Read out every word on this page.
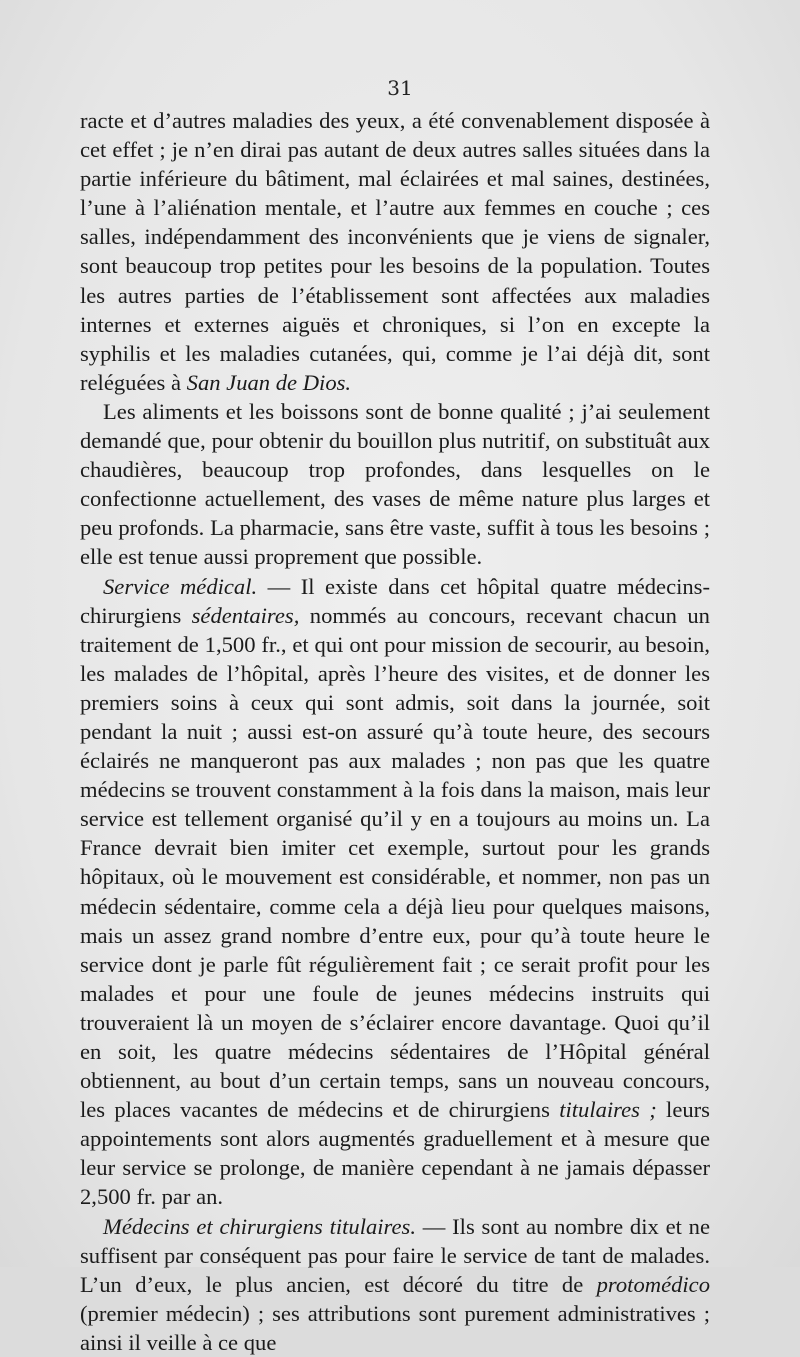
31

racte et d’autres maladies des yeux, a été convenablement disposée à cet effet ; je n’en dirai pas autant de deux autres salles situées dans la partie inférieure du bâtiment, mal éclairées et mal saines, destinées, l’une à l’aliénation mentale, et l’autre aux femmes en couche ; ces salles, indépendamment des inconvénients que je viens de signaler, sont beaucoup trop petites pour les besoins de la population. Toutes les autres parties de l’établissement sont affectées aux maladies internes et externes aiguës et chroniques, si l’on en excepte la syphilis et les maladies cutanées, qui, comme je l’ai déjà dit, sont reléguées à San Juan de Dios.

Les aliments et les boissons sont de bonne qualité ; j’ai seulement demandé que, pour obtenir du bouillon plus nutritif, on substituât aux chaudières, beaucoup trop profondes, dans lesquelles on le confectionne actuellement, des vases de même nature plus larges et peu profonds. La pharmacie, sans être vaste, suffit à tous les besoins ; elle est tenue aussi proprement que possible.

Service médical. — Il existe dans cet hôpital quatre médecins-chirurgiens sédentaires, nommés au concours, recevant chacun un traitement de 1,500 fr., et qui ont pour mission de secourir, au besoin, les malades de l’hôpital, après l’heure des visites, et de donner les premiers soins à ceux qui sont admis, soit dans la journée, soit pendant la nuit ; aussi est-on assuré qu’à toute heure, des secours éclairés ne manqueront pas aux malades ; non pas que les quatre médecins se trouvent constamment à la fois dans la maison, mais leur service est tellement organisé qu’il y en a toujours au moins un. La France devrait bien imiter cet exemple, surtout pour les grands hôpitaux, où le mouvement est considérable, et nommer, non pas un médecin sédentaire, comme cela a déjà lieu pour quelques maisons, mais un assez grand nombre d’entre eux, pour qu’à toute heure le service dont je parle fût régulièrement fait ; ce serait profit pour les malades et pour une foule de jeunes médecins instruits qui trouveraient là un moyen de s’éclairer encore davantage. Quoi qu’il en soit, les quatre médecins sédentaires de l’Hôpital général obtiennent, au bout d’un certain temps, sans un nouveau concours, les places vacantes de médecins et de chirurgiens titulaires ; leurs appointements sont alors augmentés graduellement et à mesure que leur service se prolonge, de manière cependant à ne jamais dépasser 2,500 fr. par an.

Médecins et chirurgiens titulaires. — Ils sont au nombre dix et ne suffisent par conséquent pas pour faire le service de tant de malades. L’un d’eux, le plus ancien, est décoré du titre de protomédico (premier médecin) ; ses attributions sont purement administratives ; ainsi il veille à ce que
